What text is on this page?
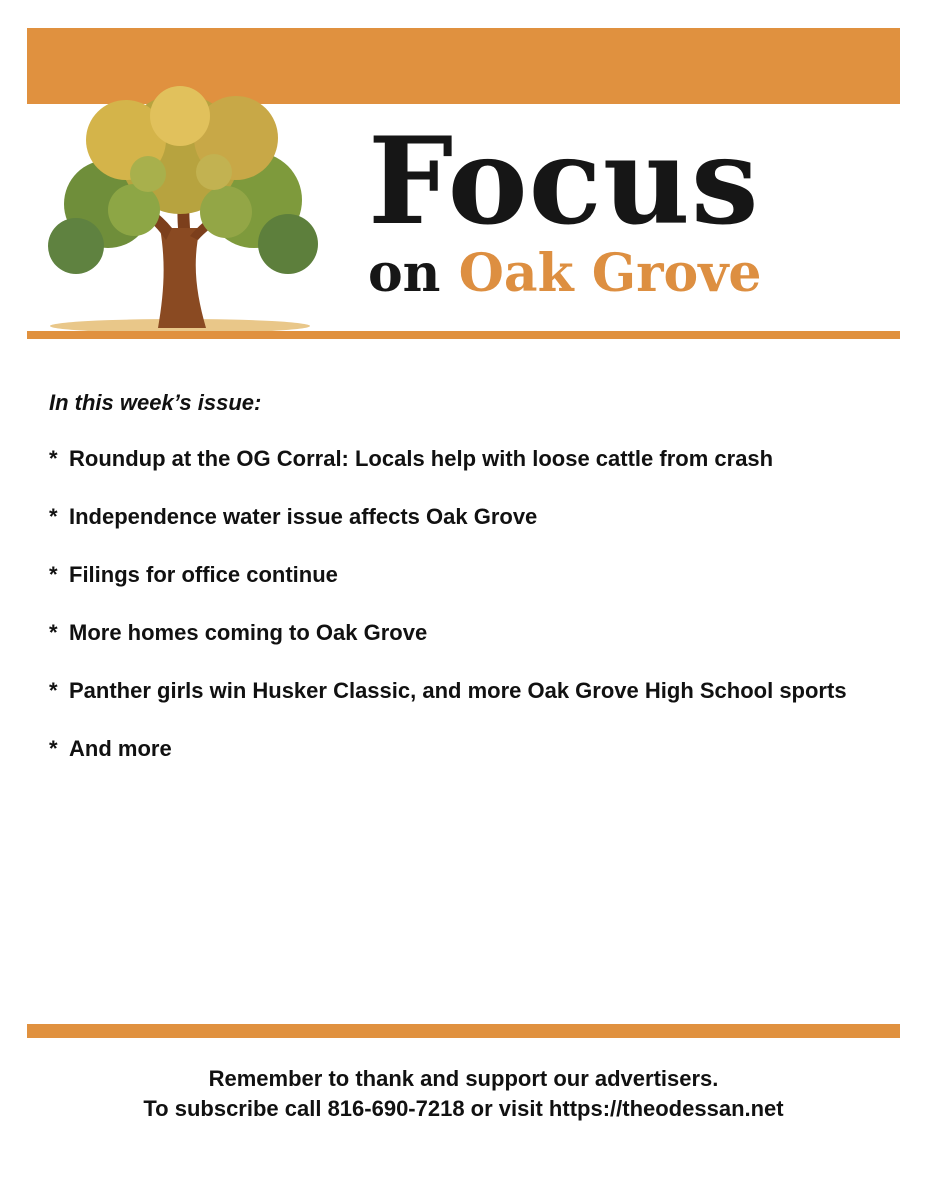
Focus
on Oak Grove
In this week’s issue:
* Roundup at the OG Corral: Locals help with loose cattle from crash
* Independence water issue affects Oak Grove
* Filings for office continue
* More homes coming to Oak Grove
* Panther girls win Husker Classic, and more Oak Grove High School sports
* And more
Remember to thank and support our advertisers.
To subscribe call 816-690-7218 or visit https://theodessan.net
